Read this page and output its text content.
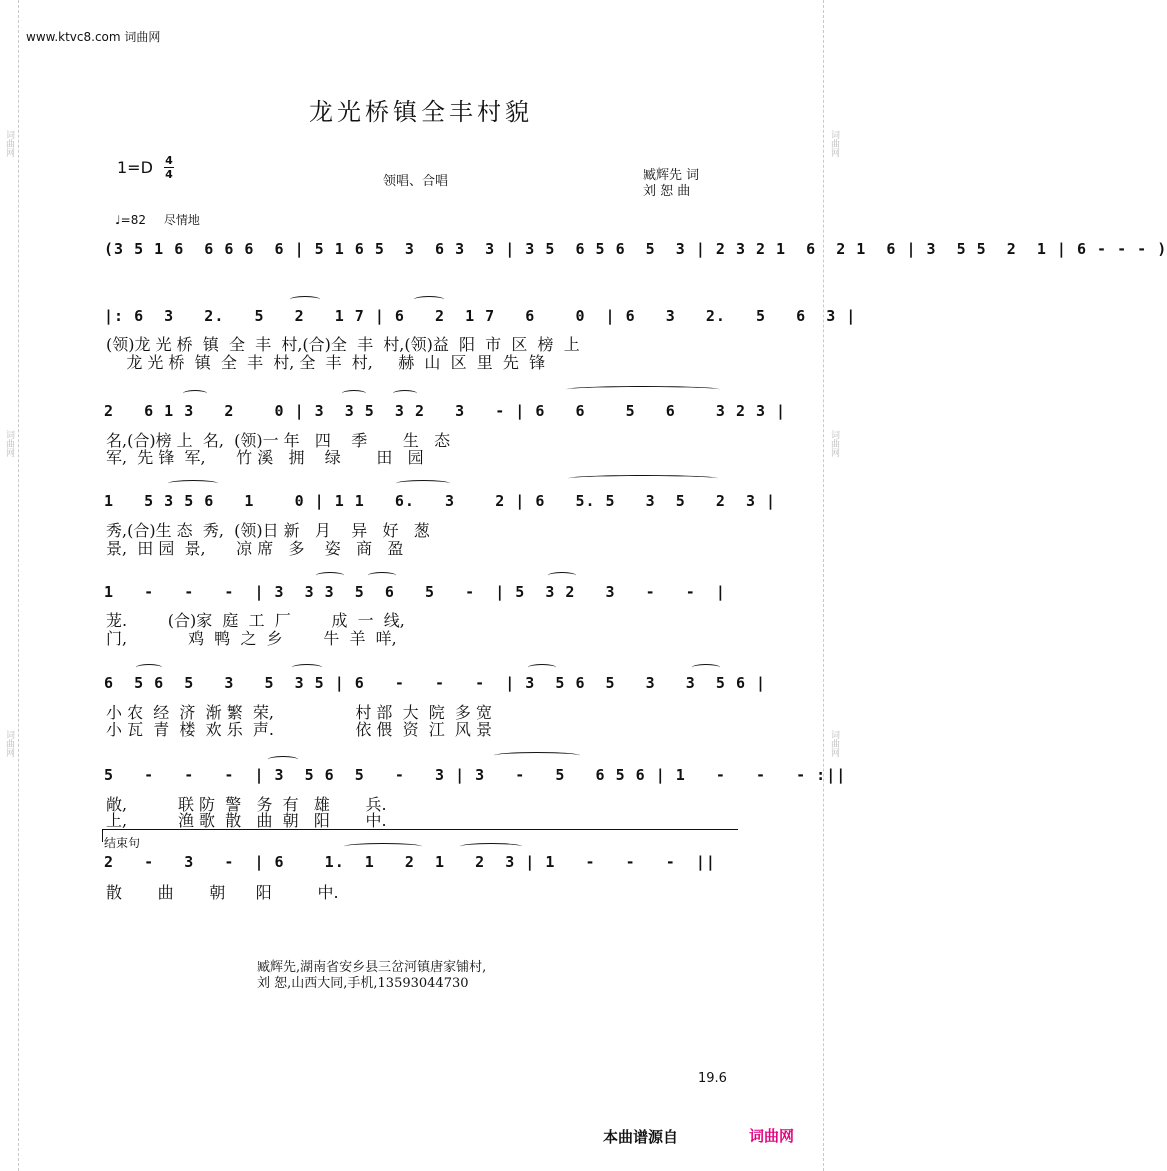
词曲网
词曲网
词曲网
词曲网
词曲网
词曲网
www.ktvc8.com 词曲网
龙光桥镇全丰村貌
1=D 4
4	领唱、合唱	臧辉先 词
刘 恕 曲
♩=82 尽情地
(3 5 1 6  6 6 6  6 | 5 1 6 5  3  6 3  3 | 3 5  6 5 6  5  3 | 2 3 2 1  6  2 1  6 | 3  5 5  2  1 | 6 - - - )
|: 6  3   2.   5   2   1 7 | 6   2  1 7   6    0  | 6   3   2.   5   6  3 |
(领)龙 光 桥  镇  全  丰  村,(合)全  丰  村,(领)益  阳  市  区  榜  上
龙 光 桥  镇  全  丰  村, 全  丰  村,     赫  山  区  里  先  锋
2   6 1 3   2    0 | 3  3 5  3 2   3   - | 6   6    5   6    3 2 3 |
名,(合)榜 上  名,  (领)一 年   四    季       生   态
军,  先 锋  军,      竹 溪   拥    绿       田   园
1   5 3 5 6   1    0 | 1 1   6.   3    2 | 6   5. 5   3  5   2  3 |
秀,(合)生 态  秀,  (领)日 新   月    异   好   葱
景,  田 园  景,      凉 席   多    姿   商   盈
1   -   -   -  | 3  3 3  5  6   5   -  | 5  3 2   3   -   -  |
茏.        (合)家  庭  工  厂        成  一  线,
门,            鸡  鸭  之  乡        牛  羊  咩,
6  5 6  5   3   5  3 5 | 6   -   -   -  | 3  5 6  5   3   3  5 6 |
小 农  经  济  渐 繁  荣,                村 部  大  院  多 宽
小 瓦  青  楼  欢 乐  声.                依 偎  资  江  风 景
5   -   -   -  | 3  5 6  5   -   3 | 3   -   5   6 5 6 | 1   -   -   - :||
敞,          联 防  警   务  有   雄       兵.
上,          渔 歌  散   曲  朝   阳       中.
结束句
2   -   3   -  | 6    1.  1   2  1   2  3 | 1   -   -   -  ||
散       曲       朝      阳         中.
臧辉先,湖南省安乡县三岔河镇唐家铺村,
刘 恕,山西大同,手机,13593044730
19.6
本曲谱源自	词曲网
